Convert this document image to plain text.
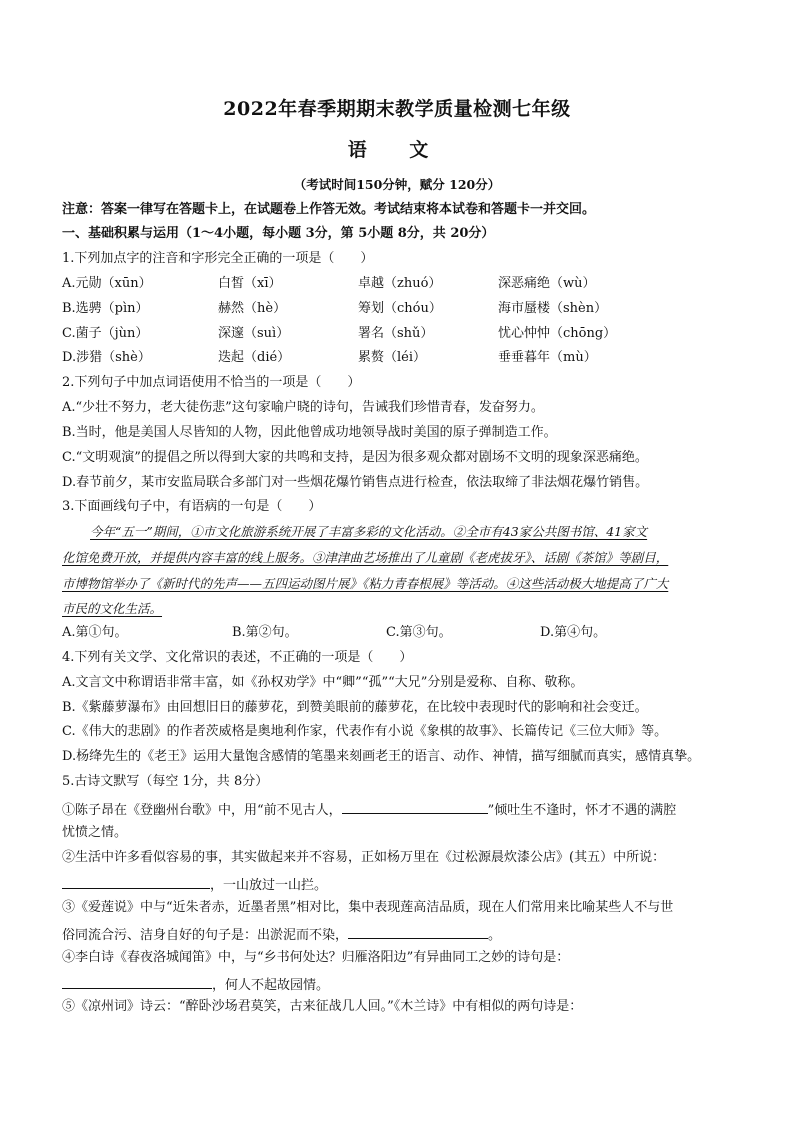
2022年春季期期末教学质量检测七年级
语 文
（考试时间150分钟，赋分 120分）
注意：答案一律写在答题卡上，在试题卷上作答无效。考试结束将本试卷和答题卡一并交回。
一、基础积累与运用（1～4小题，每小题 3分，第 5小题 8分，共 20分）
1.下列加点字的注音和字形完全正确的一项是（　　）
A.元勋（xūn）	白皙（xī）	卓越（zhuó）	深恶痛绝（wù）
B.选骋（pìn）	赫然（hè）	筹划（chóu）	海市蜃楼（shèn）
C.菌子（jùn）	深邃（suì）	署名（shǔ）	忧心忡忡（chōng）
D.涉猎（shè）	迭起（dié）	累赘（léi）	垂垂暮年（mù）
2.下列句子中加点词语使用不恰当的一项是（　　）
A.“少壮不努力，老大徒伤悲”这句家喻户晓的诗句，告诫我们珍惜青春，发奋努力。
B.当时，他是美国人尽皆知的人物，因此他曾成功地领导战时美国的原子弹制造工作。
C.“文明观演”的提倡之所以得到大家的共鸣和支持，是因为很多观众都对剧场不文明的现象深恶痛绝。
D.春节前夕，某市安监局联合多部门对一些烟花爆竹销售点进行检查，依法取缔了非法烟花爆竹销售。
3.下面画线句子中，有语病的一句是（　　）
今年“五一”期间，①市文化旅游系统开展了丰富多彩的文化活动。②全市有43家公共图书馆、41家文
化馆免费开放，并提供内容丰富的线上服务。③津津曲艺场推出了儿童剧《老虎拔牙》、话剧《茶馆》等剧目，
市博物馆举办了《新时代的先声——五四运动图片展》《粘力青春根展》等活动。④这些活动极大地提高了广大
市民的文化生活。
A.第①句。	B.第②句。	C.第③句。	D.第④句。
4.下列有关文学、文化常识的表述，不正确的一项是（　　）
A.文言文中称谓语非常丰富，如《孙权劝学》中“卿”“孤”“大兄”分别是爱称、自称、敬称。
B.《紫藤萝瀑布》由回想旧日的藤萝花，到赞美眼前的藤萝花，在比较中表现时代的影响和社会变迁。
C.《伟大的悲剧》的作者茨威格是奥地利作家，代表作有小说《象棋的故事》、长篇传记《三位大师》等。
D.杨绛先生的《老王》运用大量饱含感情的笔墨来刻画老王的语言、动作、神情，描写细腻而真实，感情真挚。
5.古诗文默写（每空 1分，共 8分）
①陈子昂在《登幽州台歌》中，用“前不见古人，	”倾吐生不逢时，怀才不遇的满腔
忧愤之情。
②生活中许多看似容易的事，其实做起来并不容易，正如杨万里在《过松源晨炊漆公店》(其五）中所说：
，一山放过一山拦。
③《爱莲说》中与“近朱者赤，近墨者黑”相对比，集中表现莲高洁品质，现在人们常用来比喻某些人不与世
俗同流合污、洁身自好的句子是：出淤泥而不染，	。
④李白诗《春夜洛城闻笛》中，与“乡书何处达？归雁洛阳边”有异曲同工之妙的诗句是：
，何人不起故园情。
⑤《凉州词》诗云：“醉卧沙场君莫笑，古来征战几人回。”《木兰诗》中有相似的两句诗是：
